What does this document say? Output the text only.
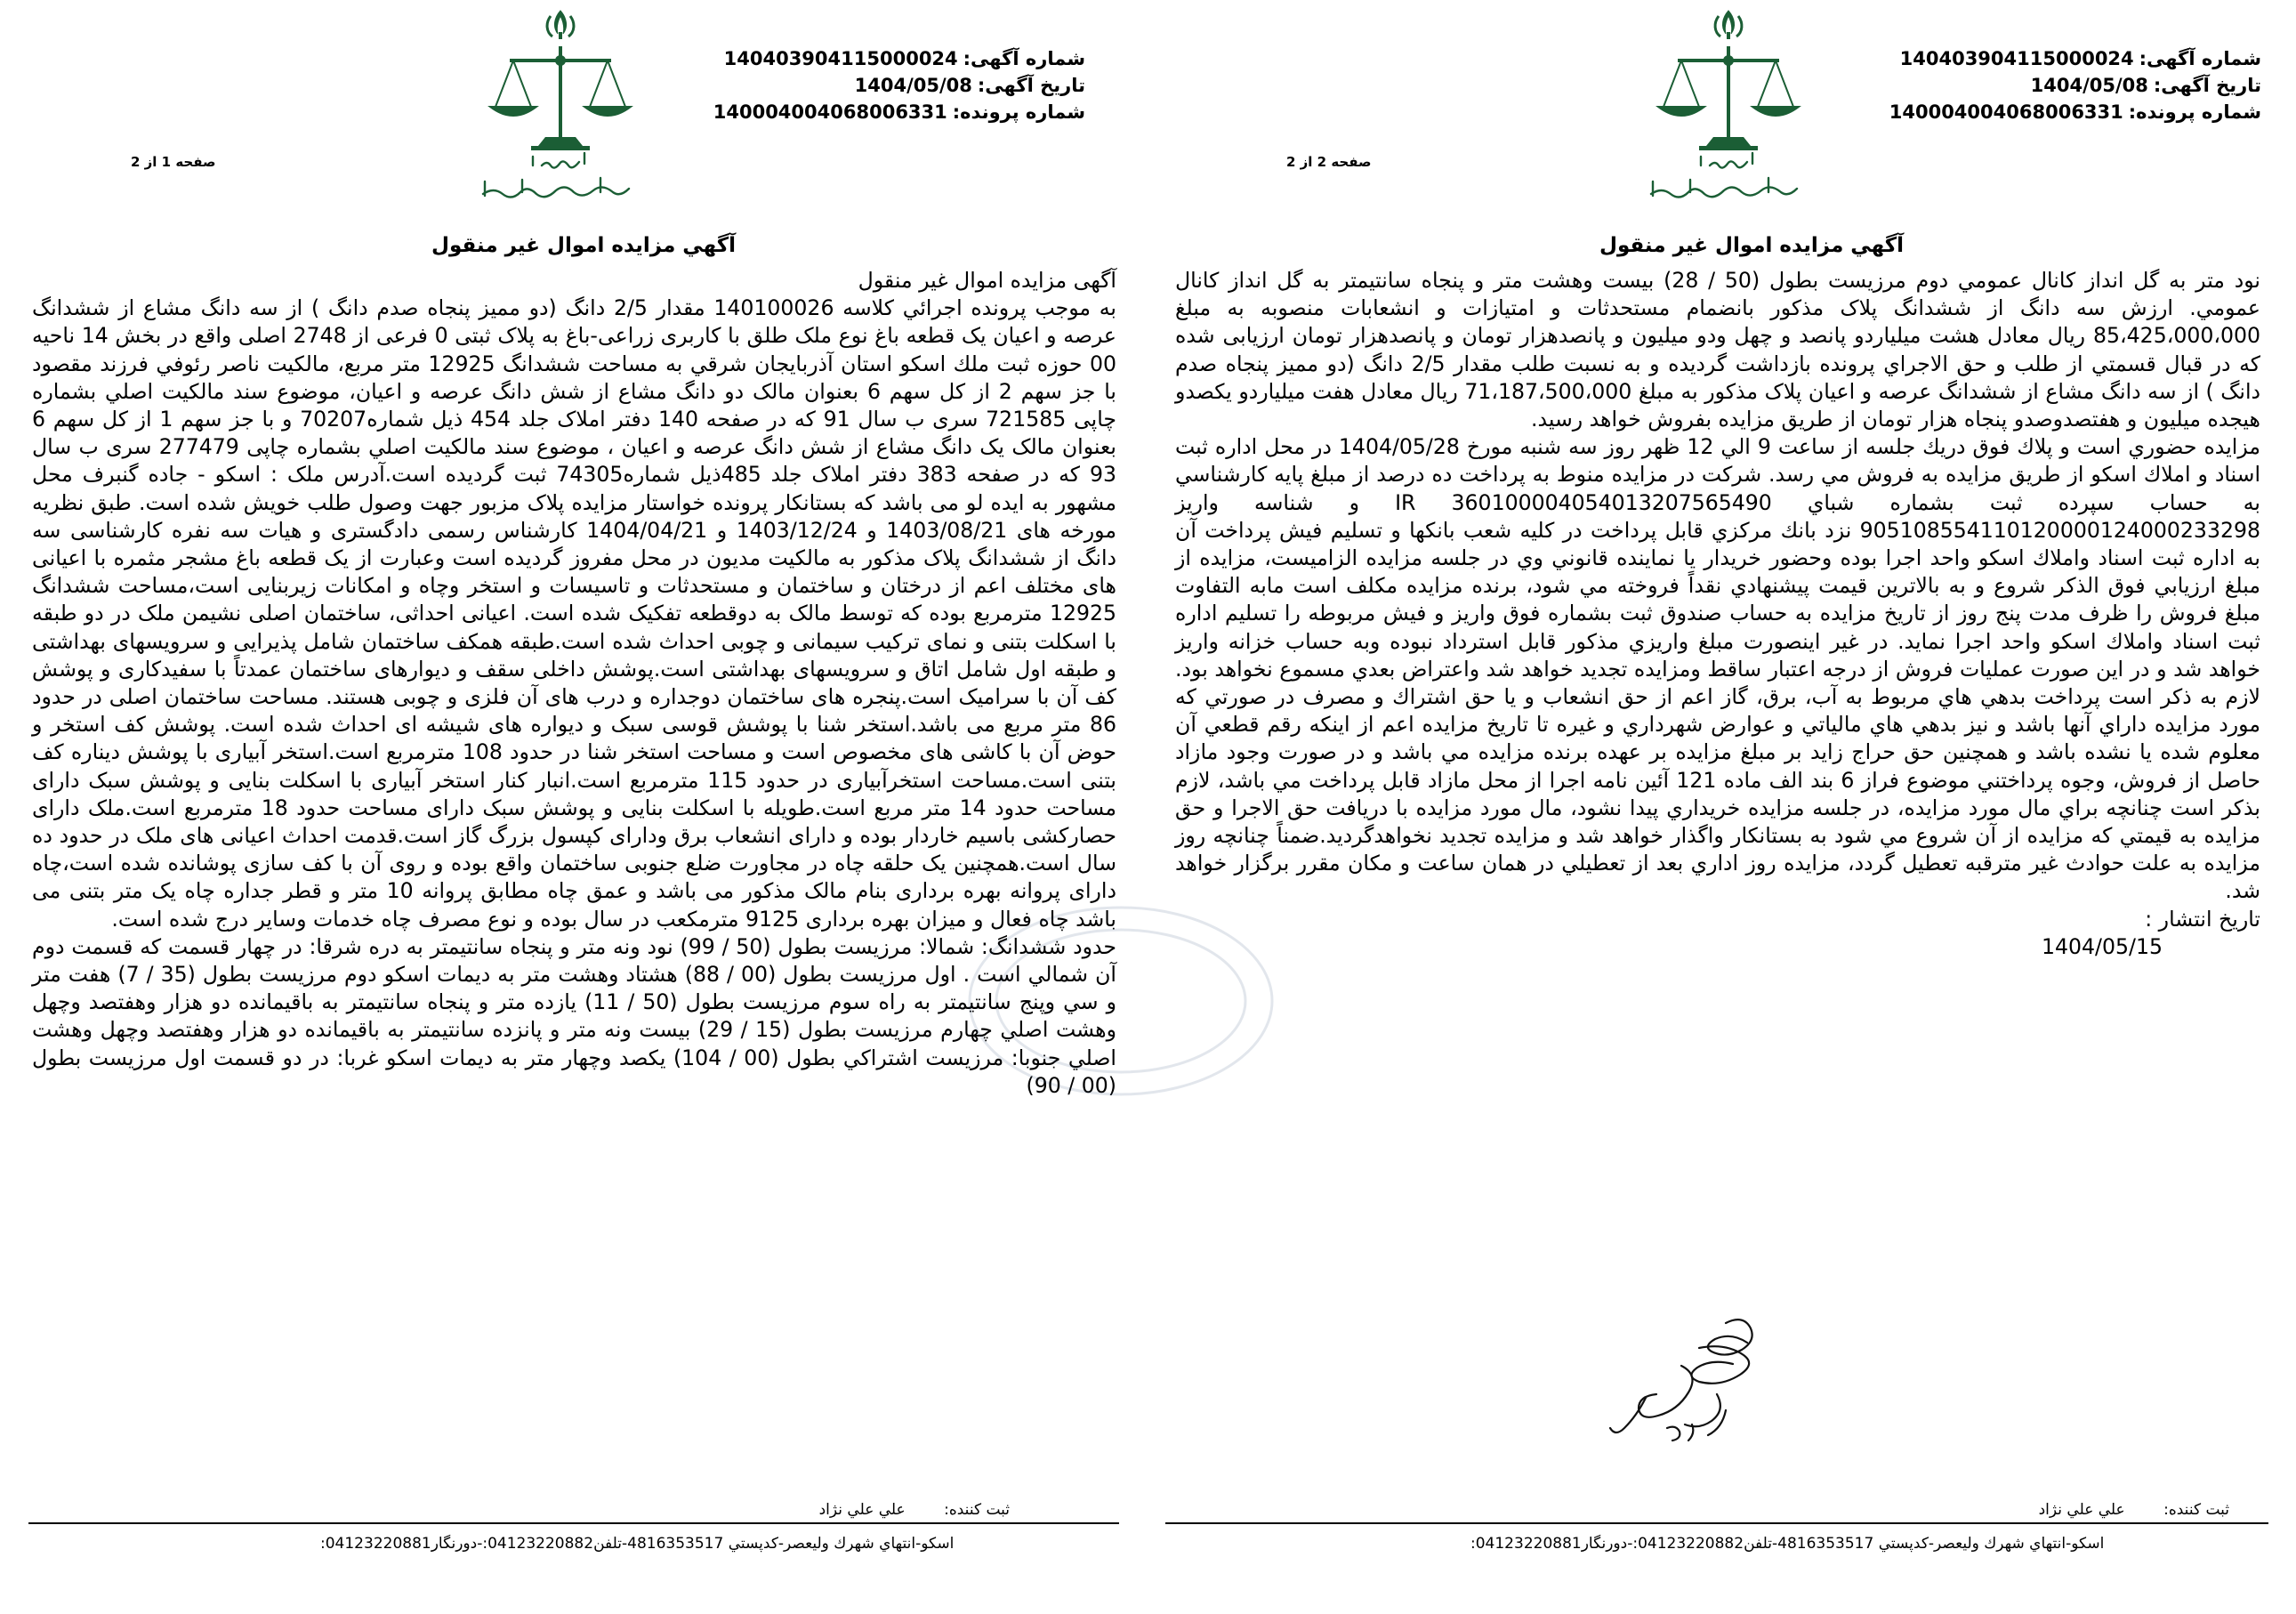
شماره آگهی:140403904115000024
تاریخ آگهی:1404/05/08
شماره پرونده:140004004068006331
صفحه 1 از 2
آگهي مزايده اموال غير منقول

آگهی مزایده اموال غیر منقول

به موجب پرونده اجرائي كلاسه 140100026 مقدار 2/5 دانگ (دو مميز پنجاه صدم دانگ ) از سه دانگ مشاع از ششدانگ عرصه و اعیان یک قطعه باغ نوع ملک طلق با کاربری زراعی-باغ به پلاک ثبتی 0 فرعی از 2748 اصلی واقع در بخش 14 ناحیه 00 حوزه ثبت ملك اسكو استان آذربايجان شرقي به مساحت ششدانگ 12925 متر مربع، مالکیت ناصر رئوفي فرزند مقصود با جز سهم 2 از کل سهم 6 بعنوان مالک دو دانگ مشاع از شش دانگ عرصه و اعیان، موضوع سند مالکیت اصلي بشماره چاپی 721585 سری ب سال 91 که در صفحه 140 دفتر املاک جلد 454 ذیل شماره70207 و با جز سهم 1 از کل سهم 6 بعنوان مالک یک دانگ مشاع از شش دانگ عرصه و اعیان ، موضوع سند مالکیت اصلي بشماره چاپی 277479 سری ب سال 93 که در صفحه 383 دفتر املاک جلد 485ذیل شماره74305 ثبت گردیده است.آدرس ملک : اسکو - جاده گنبرف محل مشهور به ایده لو می باشد که بستانکار پرونده خواستار مزایده پلاک مزبور جهت وصول طلب خویش شده است. طبق نظریه مورخه های 1403/08/21 و 1403/12/24 و 1404/04/21 کارشناس رسمی دادگستری و هیات سه نفره کارشناسی سه دانگ از ششدانگ پلاک مذکور به مالکیت مدیون در محل مفروز گردیده است وعبارت از یک قطعه باغ مشجر مثمره با اعیانی های مختلف اعم از درختان و ساختمان و مستحدثات و تاسیسات و استخر وچاه و امکانات زیربنایی است،مساحت ششدانگ 12925 مترمربع بوده که توسط مالک به دوقطعه تفکیک شده است. اعیانی احداثی، ساختمان اصلی نشیمن ملک در دو طبقه با اسکلت بتنی و نمای ترکیب سیمانی و چوبی احداث شده است.طبقه همکف ساختمان شامل پذیرایی و سرویسهای بهداشتی و طبقه اول شامل اتاق و سرویسهای بهداشتی است.پوشش داخلی سقف و دیوارهای ساختمان عمدتاً با سفیدکاری و پوشش کف آن با سرامیک است.پنجره های ساختمان دوجداره و درب های آن فلزی و چوبی هستند. مساحت ساختمان اصلی در حدود 86 متر مربع می باشد.استخر شنا با پوشش قوسی سبک و دیواره های شیشه ای احداث شده است. پوشش کف استخر و حوض آن با کاشی های مخصوص است و مساحت استخر شنا در حدود 108 مترمربع است.استخر آبیاری با پوشش دیناره کف بتنی است.مساحت استخرآبیاری در حدود 115 مترمربع است.انبار کنار استخر آبیاری با اسکلت بنایی و پوشش سبک دارای مساحت حدود 14 متر مربع است.طویله با اسکلت بنایی و پوشش سبک دارای مساحت حدود 18 مترمربع است.ملک دارای حصارکشی باسیم خاردار بوده و دارای انشعاب برق ودارای کپسول بزرگ گاز است.قدمت احداث اعیانی های ملک در حدود ده سال است.همچنین یک حلقه چاه در مجاورت ضلع جنوبی ساختمان واقع بوده و روی آن با کف سازی پوشانده شده است،چاه دارای پروانه بهره برداری بنام مالک مذکور می باشد و عمق چاه مطابق پروانه 10 متر و قطر جداره چاه یک متر بتنی می باشد چاه فعال و میزان بهره برداری 9125 مترمکعب در سال بوده و نوع مصرف چاه خدمات وسایر درج شده است.

حدود ششدانگ: شمالا: مرزيست بطول (50 / 99) نود ونه متر و پنجاه سانتيمتر به دره شرقا: در چهار قسمت كه قسمت دوم آن شمالي است . اول مرزيست بطول (00 / 88) هشتاد وهشت متر به ديمات اسكو دوم مرزيست بطول (35 / 7) هفت متر و سي وپنج سانتيمتر به راه سوم مرزيست بطول (50 / 11) يازده متر و پنجاه سانتيمتر به باقيمانده دو هزار وهفتصد وچهل وهشت اصلي چهارم مرزيست بطول (15 / 29) بيست ونه متر و پانزده سانتيمتر به باقيمانده دو هزار وهفتصد وچهل وهشت اصلي جنوبا: مرزيست اشتراكي بطول (00 / 104) يكصد وچهار متر به ديمات اسكو غربا: در دو قسمت اول مرزيست بطول (00 / 90)

ثبت کننده: علي علي نژاد
اسكو-انتهاي شهرك وليعصر-كدپستي 4816353517-تلفن04123220882:-دورنگار04123220881:
شماره آگهی:140403904115000024
تاریخ آگهی:1404/05/08
شماره پرونده:140004004068006331
صفحه 2 از 2
آگهي مزايده اموال غير منقول

نود متر به گل انداز كانال عمومي دوم مرزيست بطول (50 / 28) بيست وهشت متر و پنجاه سانتيمتر به گل انداز كانال عمومي. ارزش سه دانگ از ششدانگ پلاک مذکور بانضمام مستحدثات و امتیازات و انشعابات منصوبه به مبلغ 85،425،000،000 ریال معادل هشت میلیاردو پانصد و چهل ودو میلیون و پانصدهزار تومان و پانصدهزار تومان ارزیابی شده که در قبال قسمتي از طلب و حق الاجراي پرونده بازداشت گرديده و به نسبت طلب مقدار 2/5 دانگ (دو مميز پنجاه صدم دانگ ) از سه دانگ مشاع از ششدانگ عرصه و اعیان پلاک مذکور به مبلغ 71،187،500،000 ریال معادل هفت میلیاردو یکصدو هیجده میلیون و هفتصدوصدو پنجاه هزار تومان از طریق مزایده بفروش خواهد رسید.

مزايده حضوري است و پلاك فوق دريك جلسه از ساعت 9 الي 12 ظهر روز سه شنبه مورخ 1404/05/28 در محل اداره ثبت اسناد و املاك اسكو از طريق مزايده به فروش مي رسد. شركت در مزايده منوط به پرداخت ده درصد از مبلغ پايه كارشناسي به حساب سپرده ثبت بشماره شباي IR 360100004054013207565490 و شناسه واريز 905108554110120000124000233298 نزد بانك مركزي قابل پرداخت در كليه شعب بانكها و تسليم فيش پرداخت آن به اداره ثبت اسناد واملاك اسكو واحد اجرا بوده وحضور خريدار يا نماينده قانوني وي در جلسه مزايده الزاميست، مزايده از مبلغ ارزيابي فوق الذكر شروع و به بالاترين قيمت پيشنهادي نقداً فروخته مي شود، برنده مزايده مكلف است مابه التفاوت مبلغ فروش را ظرف مدت پنج روز از تاريخ مزايده به حساب صندوق ثبت بشماره فوق واريز و فيش مربوطه را تسليم اداره ثبت اسناد واملاك اسكو واحد اجرا نمايد. در غير اينصورت مبلغ واريزي مذكور قابل استرداد نبوده وبه حساب خزانه واريز خواهد شد و در اين صورت عمليات فروش از درجه اعتبار ساقط ومزايده تجديد خواهد شد واعتراض بعدي مسموع نخواهد بود. لازم به ذكر است پرداخت بدهي هاي مربوط به آب، برق، گاز اعم از حق انشعاب و يا حق اشتراك و مصرف در صورتي كه مورد مزايده داراي آنها باشد و نيز بدهي هاي مالياتي و عوارض شهرداري و غيره تا تاريخ مزايده اعم از اينكه رقم قطعي آن معلوم شده يا نشده باشد و همچنين حق حراج زايد بر مبلغ مزايده بر عهده برنده مزايده مي باشد و در صورت وجود مازاد حاصل از فروش، وجوه پرداختني موضوع فراز 6 بند الف ماده 121 آئين نامه اجرا از محل مازاد قابل پرداخت مي باشد، لازم بذكر است چنانچه براي مال مورد مزايده، در جلسه مزايده خريداري پيدا نشود، مال مورد مزايده با دريافت حق الاجرا و حق مزايده به قيمتي كه مزايده از آن شروع مي شود به بستانكار واگذار خواهد شد و مزايده تجديد نخواهدگرديد.ضمناً چنانچه روز مزايده به علت حوادث غير مترقبه تعطيل گردد، مزايده روز اداري بعد از تعطيلي در همان ساعت و مكان مقرر برگزار خواهد شد.

تاريخ انتشار :

1404/05/15

ثبت کننده: علي علي نژاد
اسكو-انتهاي شهرك وليعصر-كدپستي 4816353517-تلفن04123220882:-دورنگار04123220881:
